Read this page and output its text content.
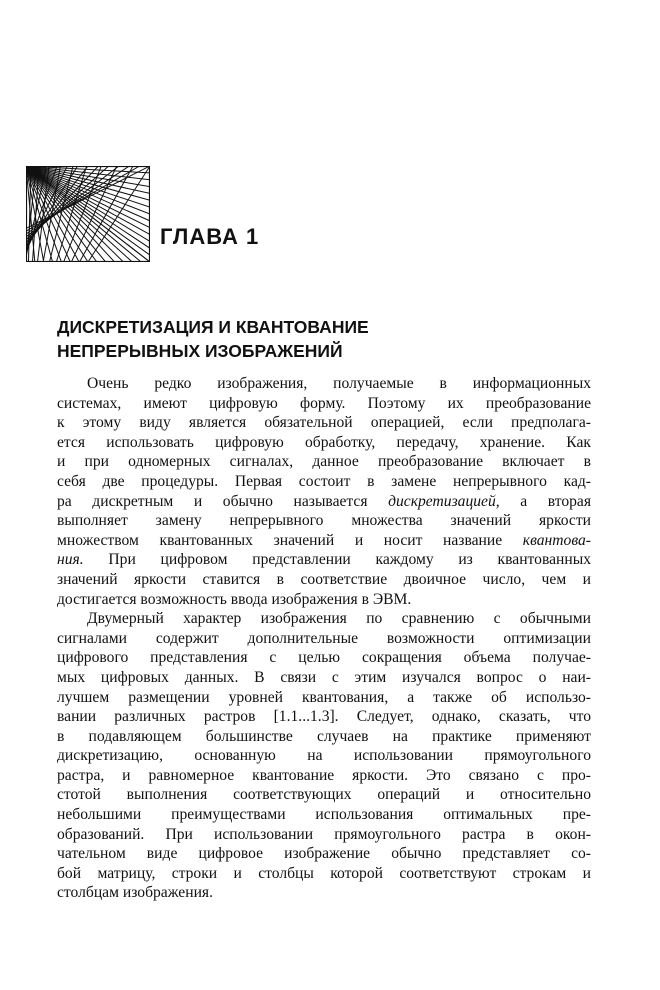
ГЛАВА 1
ДИСКРЕТИЗАЦИЯ И КВАНТОВАНИЕ
НЕПРЕРЫВНЫХ ИЗОБРАЖЕНИЙ
Очень редко изображения, получаемые в информационных
системах, имеют цифровую форму. Поэтому их преобразование
к этому виду является обязательной операцией, если предполага-
ется использовать цифровую обработку, передачу, хранение. Как
и при одномерных сигналах, данное преобразование включает в
себя две процедуры. Первая состоит в замене непрерывного кад-
ра дискретным и обычно называется дискретизацией, а вторая
выполняет замену непрерывного множества значений яркости
множеством квантованных значений и носит название квантова-
ния. При цифровом представлении каждому из квантованных
значений яркости ставится в соответствие двоичное число, чем и
достигается возможность ввода изображения в ЭВМ.
Двумерный характер изображения по сравнению с обычными
сигналами содержит дополнительные возможности оптимизации
цифрового представления с целью сокращения объема получае-
мых цифровых данных. В связи с этим изучался вопрос о наи-
лучшем размещении уровней квантования, а также об использо-
вании различных растров [1.1...1.3]. Следует, однако, сказать, что
в подавляющем большинстве случаев на практике применяют
дискретизацию, основанную на использовании прямоугольного
растра, и равномерное квантование яркости. Это связано с про-
стотой выполнения соответствующих операций и относительно
небольшими преимуществами использования оптимальных пре-
образований. При использовании прямоугольного растра в окон-
чательном виде цифровое изображение обычно представляет со-
бой матрицу, строки и столбцы которой соответствуют строкам и
столбцам изображения.
